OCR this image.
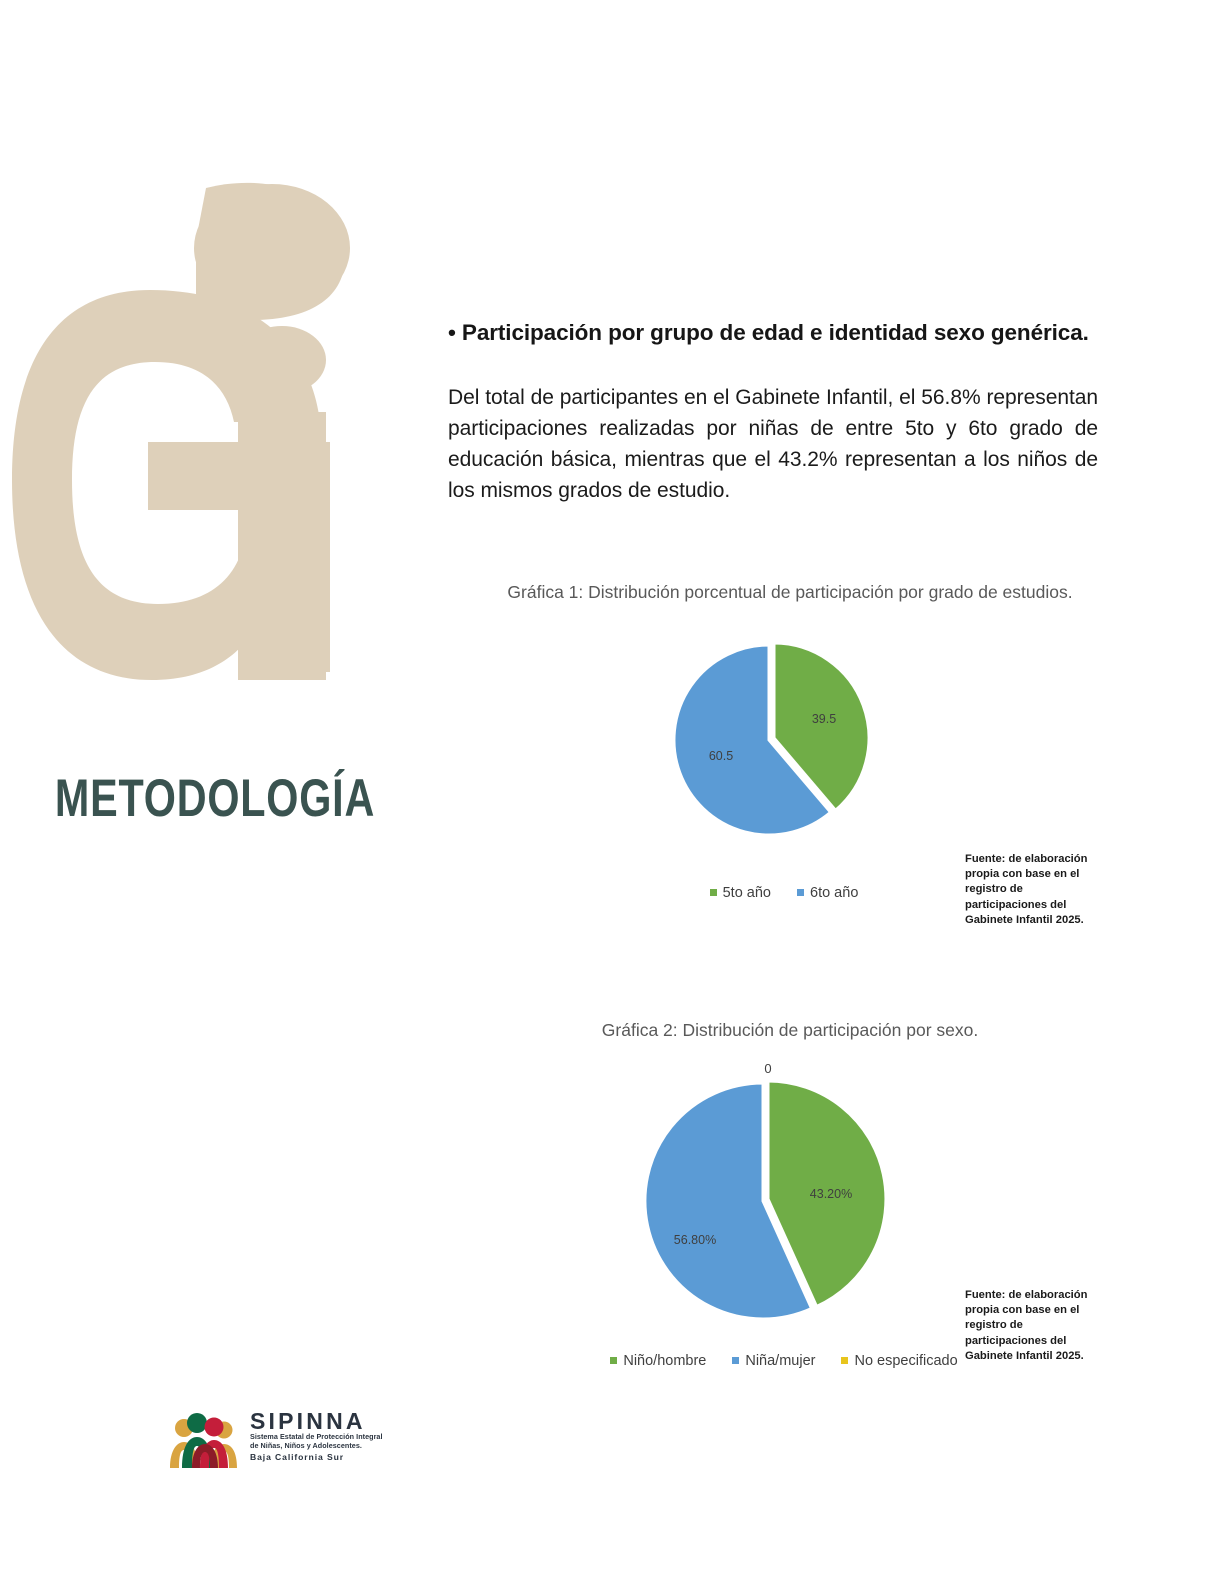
METODOLOGÍA
• Participación por grupo de edad e identidad sexo genérica.

Del total de participantes en el Gabinete Infantil, el 56.8% representan participaciones realizadas por niñas de entre 5to y 6to grado de educación básica, mientras que el 43.2% representan a los niños de los mismos grados de estudio.

Gráfica 1: Distribución porcentual de participación por grado de estudios.
39.5
60.5
5to año	6to año
Fuente: de elaboración propia con base en el registro de participaciones del Gabinete Infantil 2025.
Gráfica 2: Distribución de participación por sexo.
0
43.20%
56.80%
Niño/hombre	Niña/mujer	No especificado
Fuente: de elaboración propia con base en el registro de participaciones del Gabinete Infantil 2025.
SIPINNA
Sistema Estatal de Protección Integral
de Niñas, Niños y Adolescentes.
Baja California Sur
